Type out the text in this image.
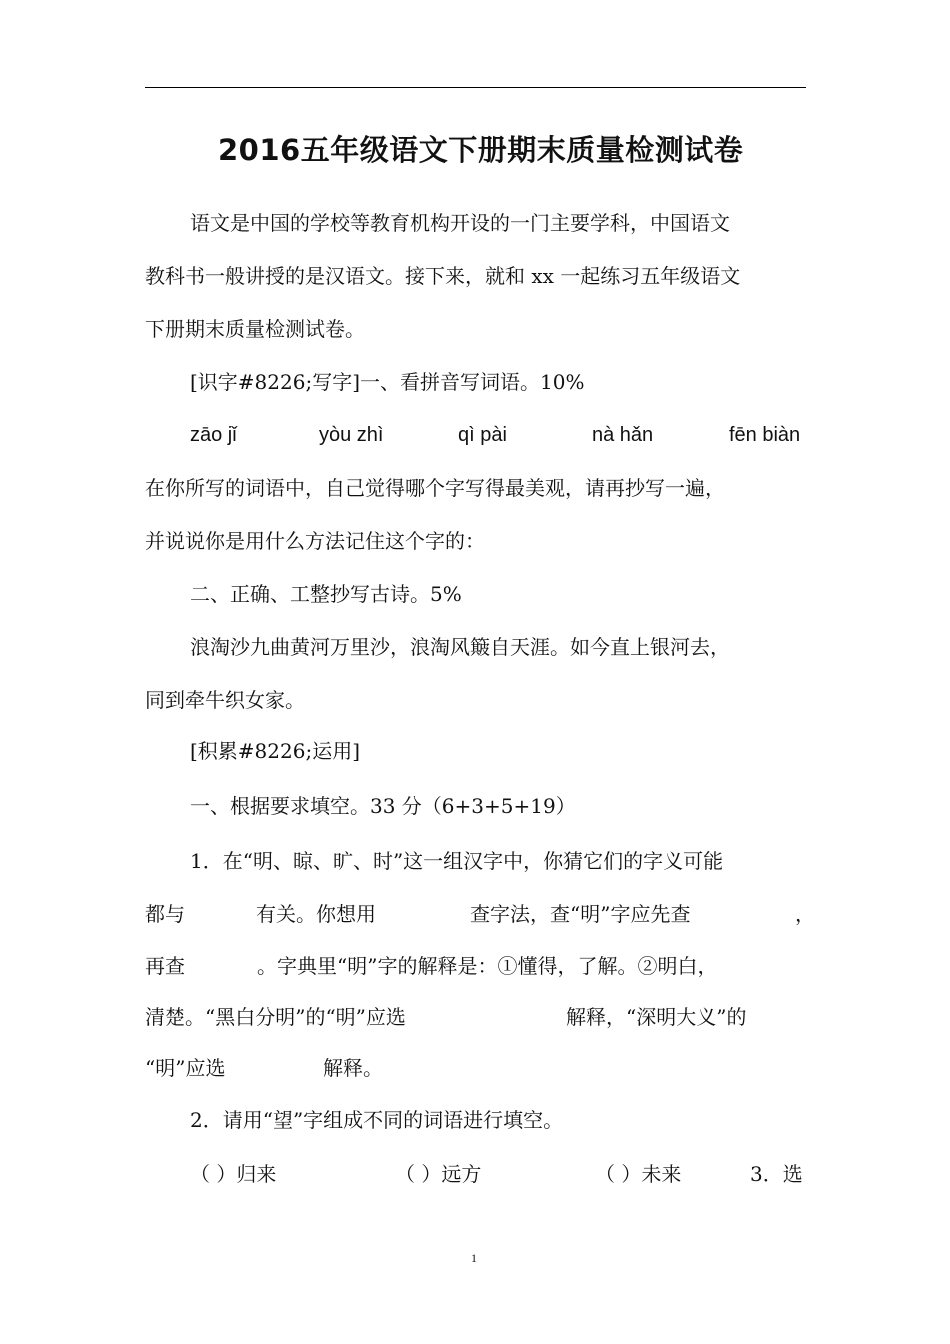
2016五年级语文下册期末质量检测试卷
语文是中国的学校等教育机构开设的一门主要学科，中国语文
教科书一般讲授的是汉语文。接下来，就和 xx 一起练习五年级语文
下册期末质量检测试卷。
[识字#8226;写字]一、看拼音写词语。10%
zāo jǐ	yòu zhì	qì pài	nà hǎn	fēn biàn
在你所写的词语中，自己觉得哪个字写得最美观，请再抄写一遍，
并说说你是用什么方法记住这个字的：
二、正确、工整抄写古诗。5%
浪淘沙九曲黄河万里沙，浪淘风簸自天涯。如今直上银河去，
同到牵牛织女家。
[积累#8226;运用]
一、根据要求填空。33 分（6+3+5+19）
1．在“明、晾、旷、时”这一组汉字中，你猜它们的字义可能
都与	有关。你想用	查字法，查“明”字应先查	，
再查	。字典里“明”字的解释是：①懂得，了解。②明白，
清楚。“黑白分明”的“明”应选	解释，“深明大义”的
“明”应选	解释。
2．请用“望”字组成不同的词语进行填空。
（ ）归来	（ ）远方	（ ）未来	3．选
1
